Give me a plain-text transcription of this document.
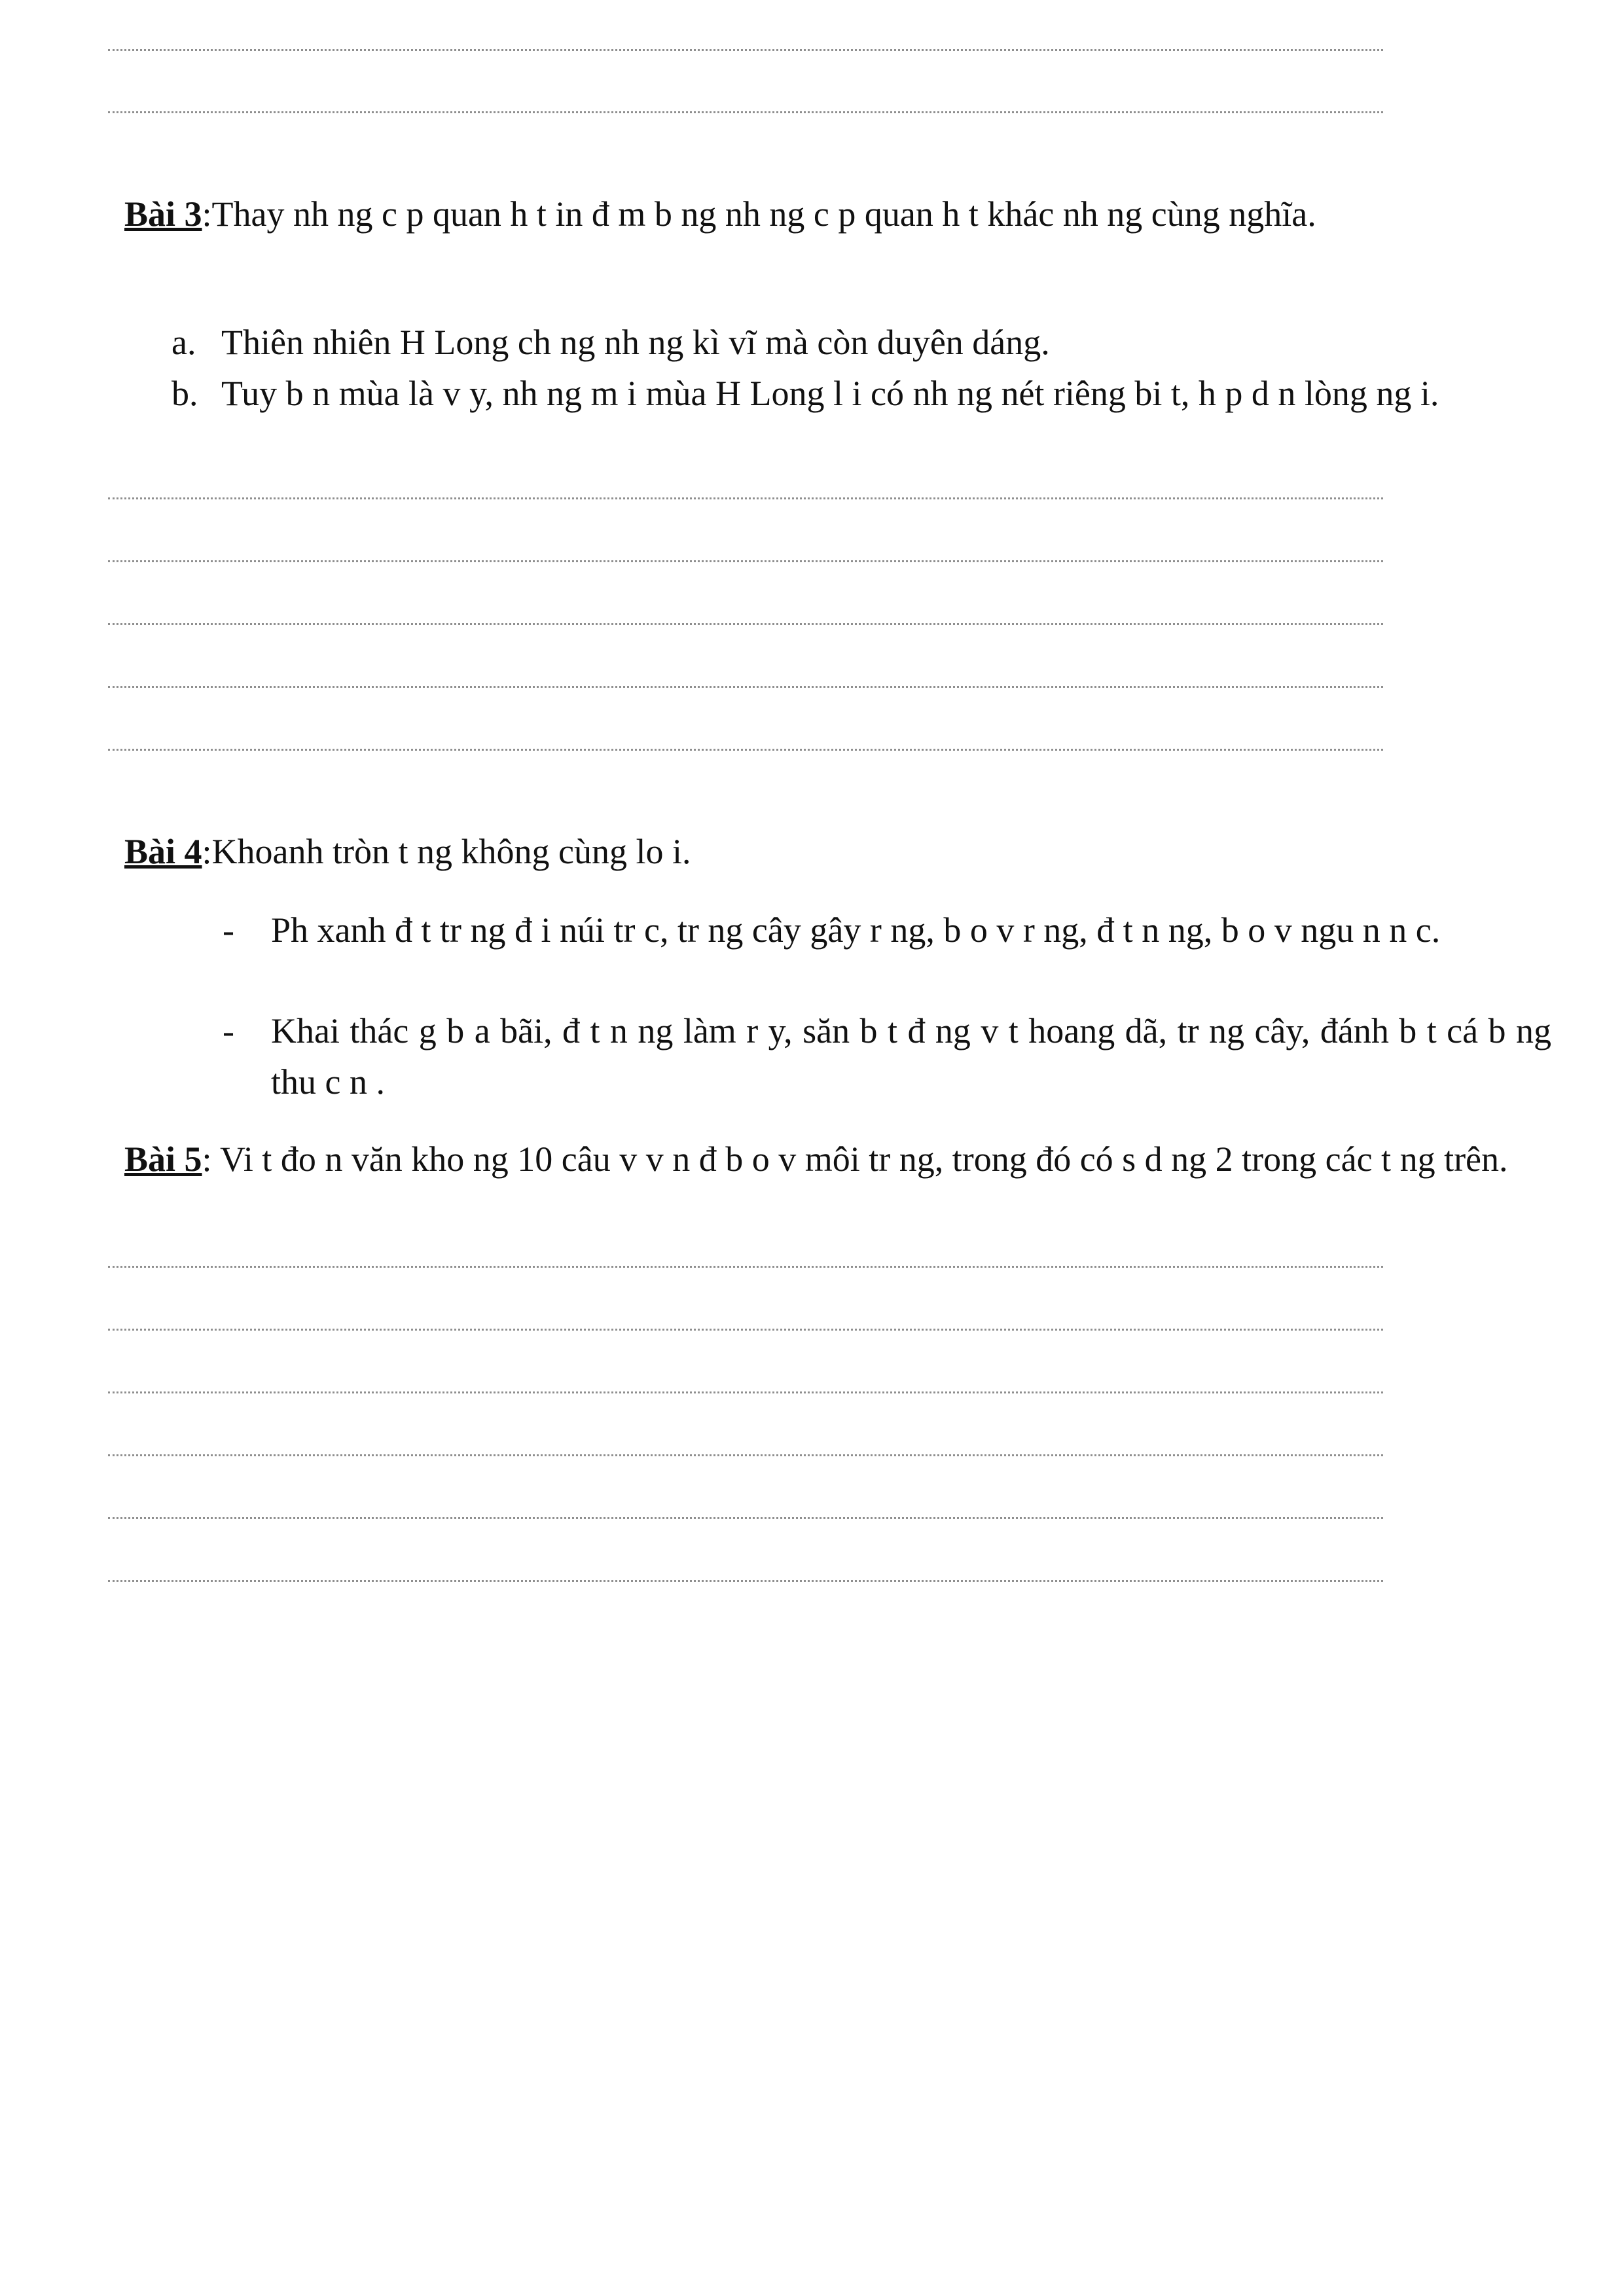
Bài 3:Thay nh ng c p quan h t in đ m b ng nh ng c p quan h t khác nh ng cùng nghĩa.
a. Thiên nhiên H Long ch ng nh ng kì vĩ mà còn duyên dáng.
b. Tuy b n mùa là v y, nh ng m i mùa H Long l i có nh ng nét riêng bi t, h p d n lòng ng i.
Bài 4:Khoanh tròn t ng không cùng lo i.
- Ph xanh đ t tr ng đ i núi tr c, tr ng cây gây r ng, b o v r ng, đ t n ng, b o v ngu n n c.
- Khai thác g b a bãi, đ t n ng làm r y, săn b t đ ng v t hoang dã, tr ng cây, đánh b t cá b ng thu c n .
Bài 5: Vi t đo n văn kho ng 10 câu v v n đ b o v môi tr ng, trong đó có s d ng 2 trong các t ng trên.
